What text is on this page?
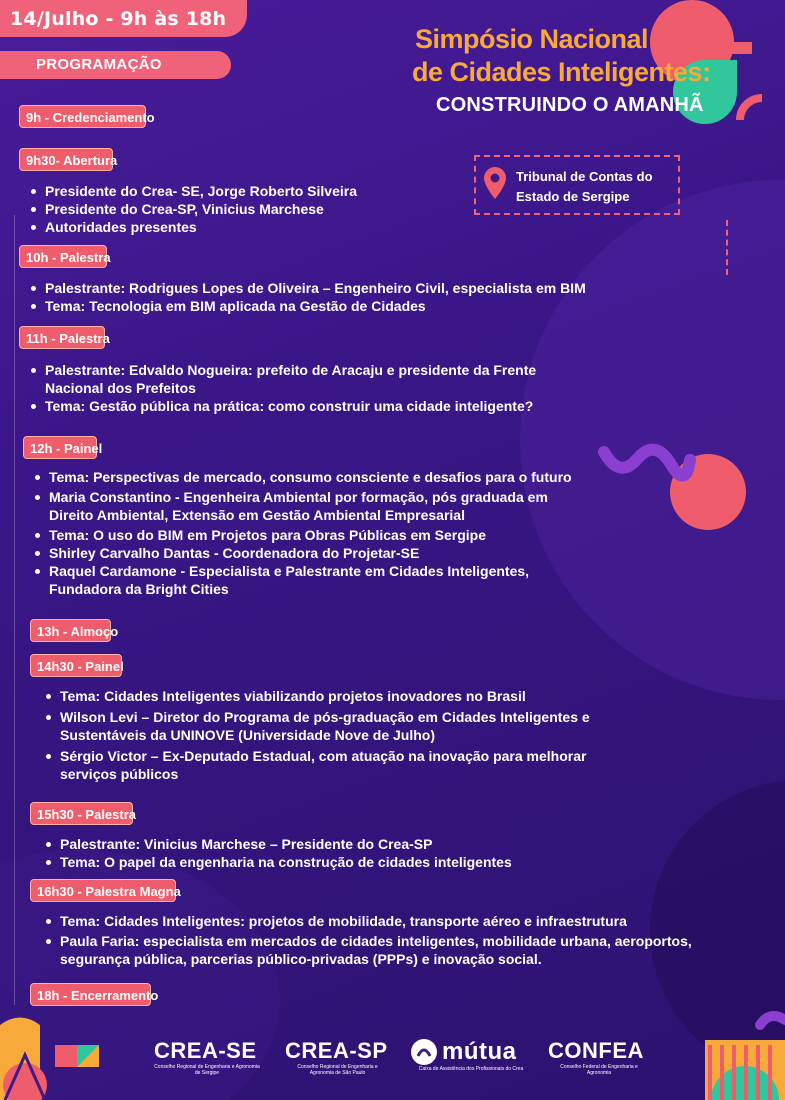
14/Julho - 9h às 18h
PROGRAMAÇÃO
Simpósio Nacional
de Cidades Inteligentes:
CONSTRUINDO O AMANHÃ
Tribunal de Contas do
Estado de Sergipe
9h - Credenciamento
9h30- Abertura
Presidente do Crea- SE, Jorge Roberto Silveira
Presidente do Crea-SP, Vinicius Marchese
Autoridades presentes
10h - Palestra
Palestrante: Rodrigues Lopes de Oliveira – Engenheiro Civil, especialista em BIM
Tema: Tecnologia em BIM aplicada na Gestão de Cidades
11h - Palestra
Palestrante: Edvaldo Nogueira: prefeito de Aracaju e presidente da Frente
Nacional dos Prefeitos
Tema: Gestão pública na prática: como construir uma cidade inteligente?
12h - Painel
Tema: Perspectivas de mercado, consumo consciente e desafios para o futuro
Maria Constantino - Engenheira Ambiental por formação, pós graduada em
Direito Ambiental, Extensão em Gestão Ambiental Empresarial
Tema: O uso do BIM em Projetos para Obras Públicas em Sergipe
Shirley Carvalho Dantas - Coordenadora do Projetar-SE
Raquel Cardamone - Especialista e Palestrante em Cidades Inteligentes,
Fundadora da Bright Cities
13h - Almoço
14h30 - Painel
Tema: Cidades Inteligentes viabilizando projetos inovadores no Brasil
Wilson Levi – Diretor do Programa de pós-graduação em Cidades Inteligentes e
Sustentáveis da UNINOVE (Universidade Nove de Julho)
Sérgio Victor – Ex-Deputado Estadual, com atuação na inovação para melhorar
serviços públicos
15h30 - Palestra
Palestrante: Vinicius Marchese – Presidente do Crea-SP
Tema: O papel da engenharia na construção de cidades inteligentes
16h30 - Palestra Magna
Tema: Cidades Inteligentes: projetos de mobilidade, transporte aéreo e infraestrutura
Paula Faria: especialista em mercados de cidades inteligentes, mobilidade urbana, aeroportos,
segurança pública, parcerias público-privadas (PPPs) e inovação social.
18h - Encerramento
CREA-SE
Conselho Regional de Engenharia e Agronomia de Sergipe
CREA-SP
Conselho Regional de Engenharia e Agronomia de São Paulo
mútua
Caixa de Assistência dos Profissionais do Crea
CONFEA
Conselho Federal de Engenharia e Agronomia
